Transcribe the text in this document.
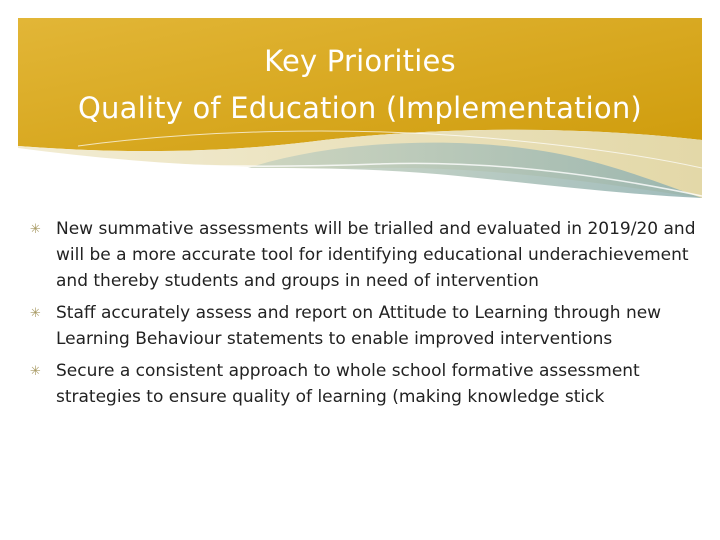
Key Priorities
Quality of Education (Implementation)
✳ New summative assessments will be trialled and evaluated in 2019/20 and will be a more accurate tool for identifying educational underachievement and thereby students and groups in need of intervention
✳ Staff accurately assess and report on Attitude to Learning through new Learning Behaviour statements to enable improved interventions
✳ Secure a consistent approach to whole school formative assessment strategies to ensure quality of learning (making knowledge stick
